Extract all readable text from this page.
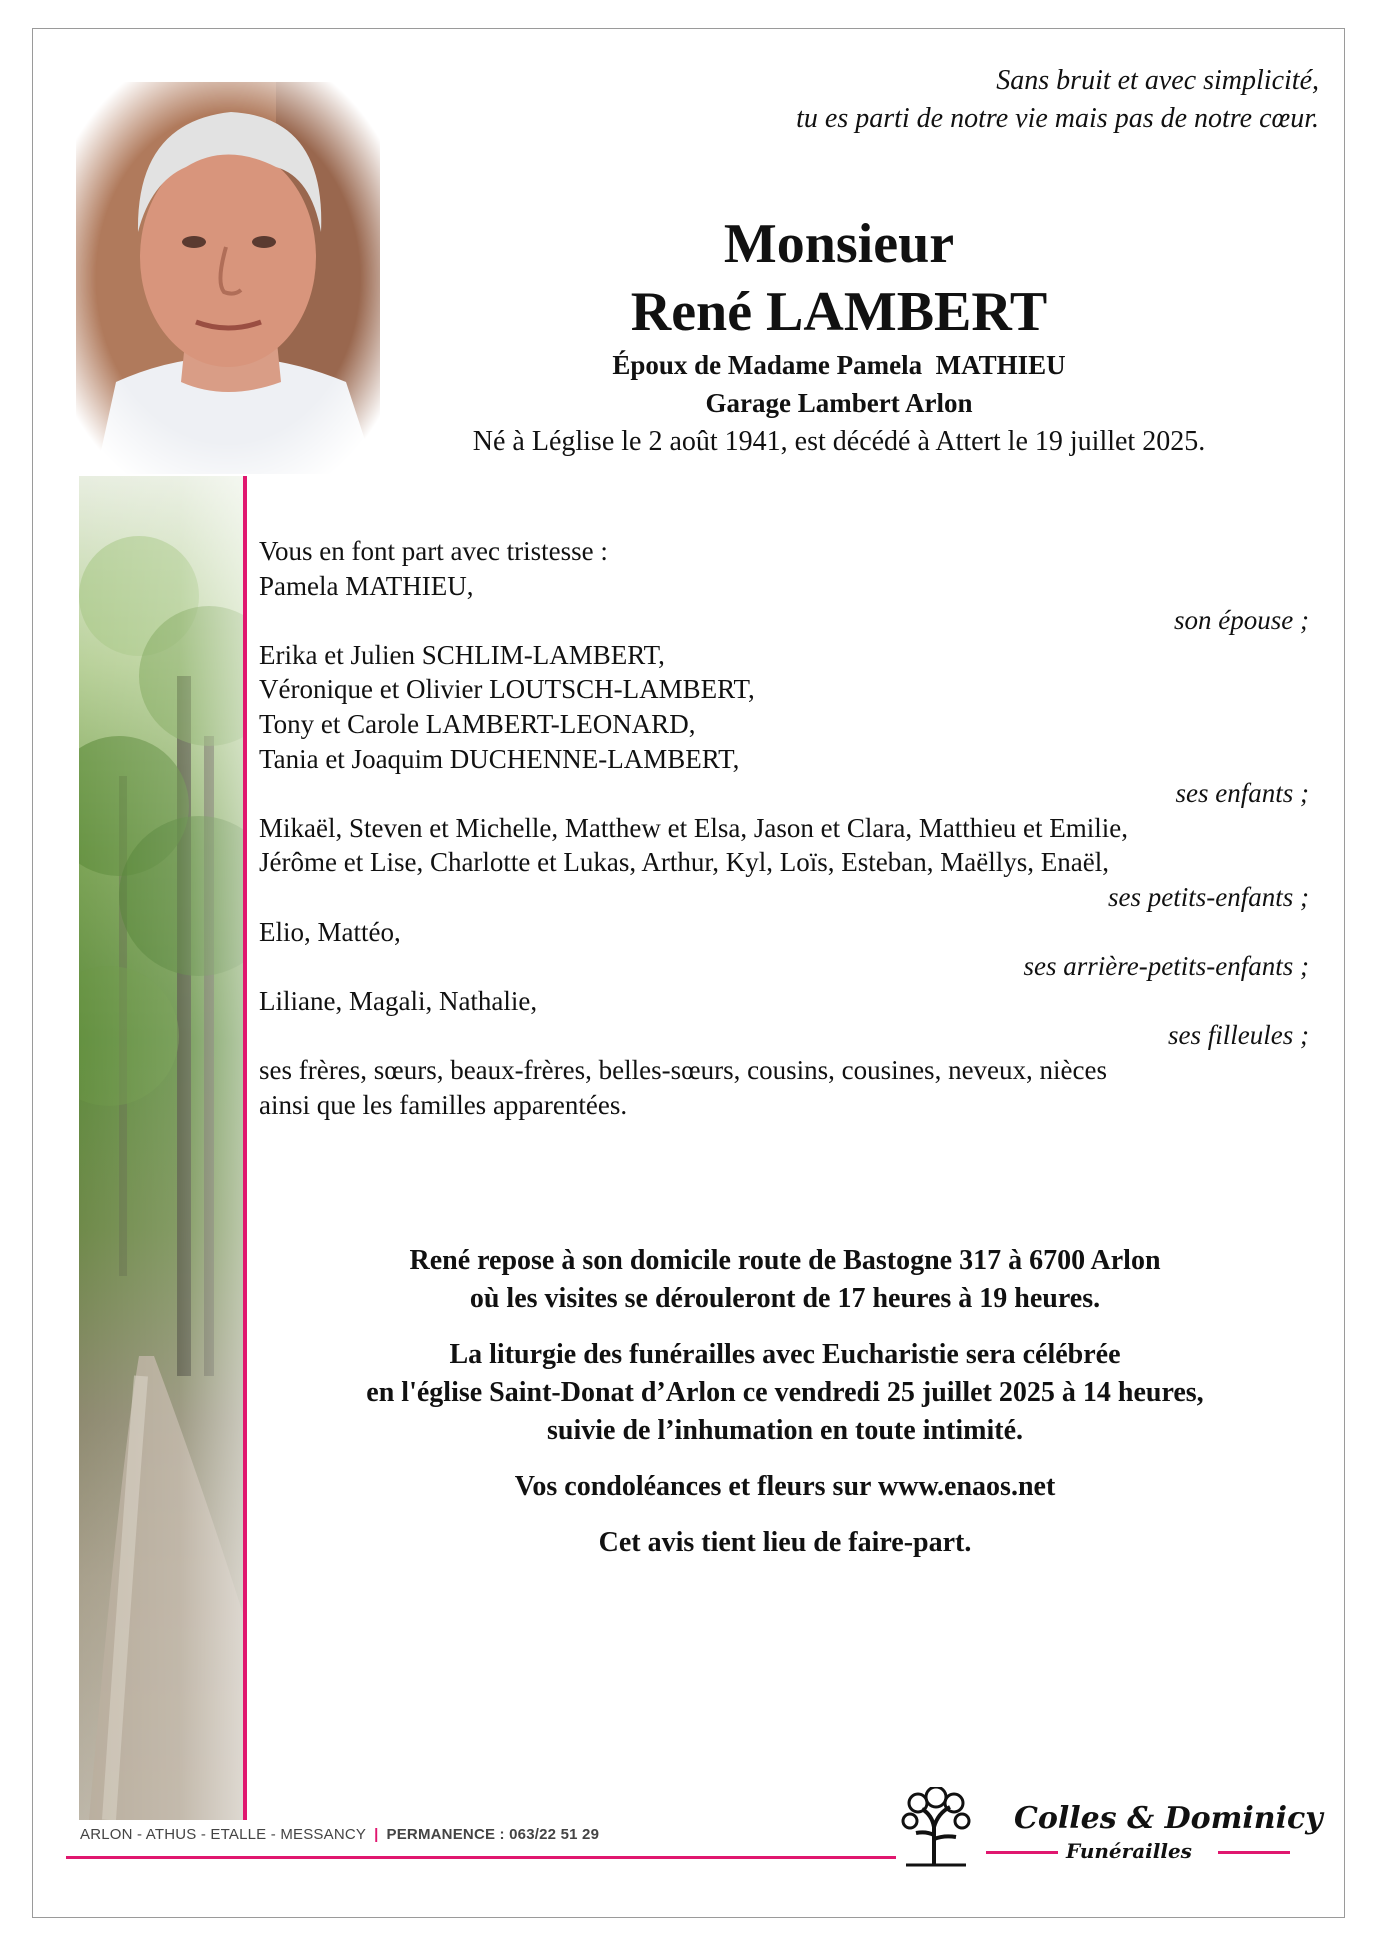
Sans bruit et avec simplicité,
tu es parti de notre vie mais pas de notre cœur.
Monsieur
René LAMBERT
Époux de Madame Pamela  MATHIEU
Garage Lambert Arlon
Né à Léglise le 2 août 1941, est décédé à Attert le 19 juillet 2025.
Vous en font part avec tristesse :
Pamela MATHIEU,
son épouse ;
Erika et Julien SCHLIM-LAMBERT,
Véronique et Olivier LOUTSCH-LAMBERT,
Tony et Carole LAMBERT-LEONARD,
Tania et Joaquim DUCHENNE-LAMBERT,
ses enfants ;
Mikaël, Steven et Michelle, Matthew et Elsa, Jason et Clara, Matthieu et Emilie,
Jérôme et Lise, Charlotte et Lukas, Arthur, Kyl, Loïs, Esteban, Maëllys, Enaël,
ses petits-enfants ;
Elio, Mattéo,
ses arrière-petits-enfants ;
Liliane, Magali, Nathalie,
ses filleules ;
ses frères, sœurs, beaux-frères, belles-sœurs, cousins, cousines, neveux, nièces
ainsi que les familles apparentées.

René repose à son domicile route de Bastogne 317 à 6700 Arlon
où les visites se dérouleront de 17 heures à 19 heures.

La liturgie des funérailles avec Eucharistie sera célébrée
en l'église Saint-Donat d’Arlon ce vendredi 25 juillet 2025 à 14 heures,
suivie de l’inhumation en toute intimité.

Vos condoléances et fleurs sur www.enaos.net

Cet avis tient lieu de faire-part.

ARLON - ATHUS - ETALLE - MESSANCY | PERMANENCE : 063/22 51 29	Colles & Dominicy
Funérailles
